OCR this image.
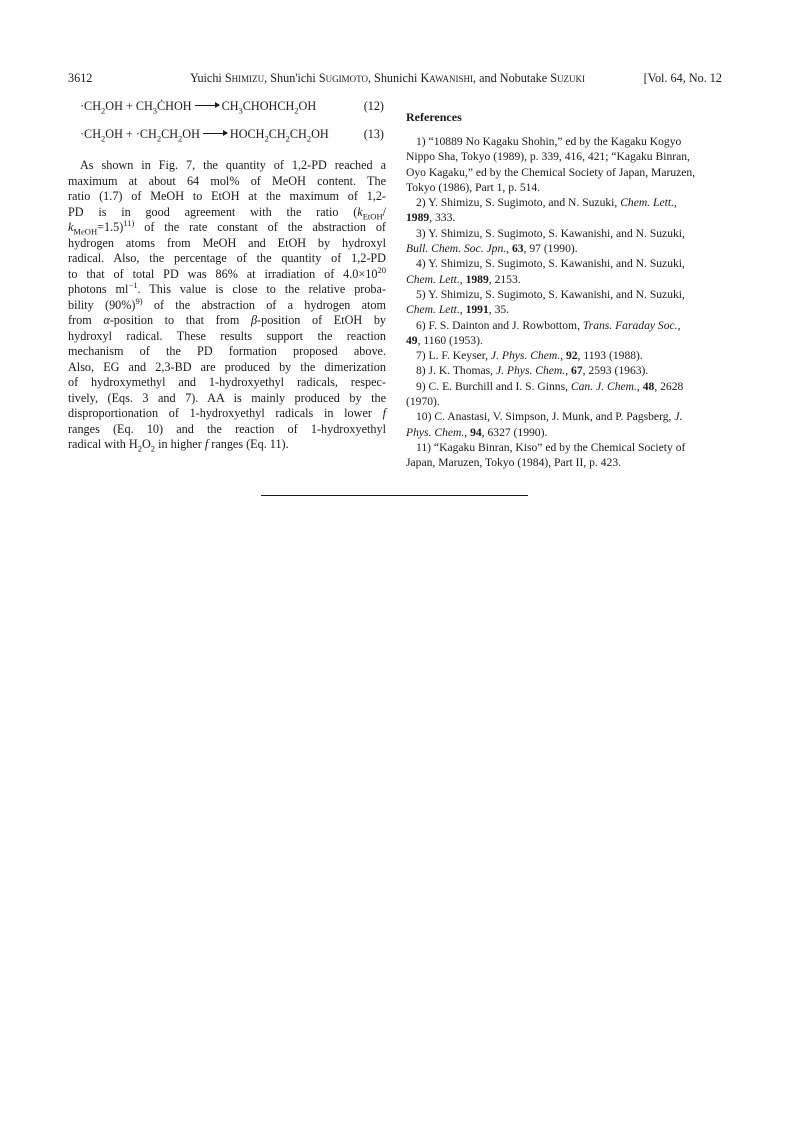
3612	Yuichi Shimizu, Shun'ichi Sugimoto, Shunichi Kawanishi, and Nobutake Suzuki	[Vol. 64, No. 12
$\cdot CH_2OH$ + $CH_3ĊHOH$ $CH_3CHOHCH_2OH$	(12)
$\cdot CH_2OH + \cdot CH_2CH_2OH$ $HOCH_2CH_2CH_2OH$	(13)
As shown in Fig. 7, the quantity of 1,2-PD reached a
maximum at about 64 mol% of MeOH content. The
ratio (1.7) of MeOH to EtOH at the maximum of 1,2-
PD is in good agreement with the ratio ($k_{EtOH}/$
$k_{MeOH}=1.5)^{11)}$ of the rate constant of the abstraction of
hydrogen atoms from MeOH and EtOH by hydroxyl
radical. Also, the percentage of the quantity of 1,2-PD
to that of total PD was 86% at irradiation of $4.0\times 10^{20}$
photons $ml^{-1}$. This value is close to the relative proba-
bility $(90\%)^{9)}$ of the abstraction of a hydrogen atom
from α-position to that from β-position of EtOH by
hydroxyl radical. These results support the reaction
mechanism of the PD formation proposed above.
Also, EG and 2,3-BD are produced by the dimerization
of hydroxymethyl and 1-hydroxyethyl radicals, respec-
tively, (Eqs. 3 and 7). AA is mainly produced by the
disproportionation of 1-hydroxyethyl radicals in lower f
ranges (Eq. 10) and the reaction of 1-hydroxyethyl
radical with $H_2O_2$ in higher f ranges (Eq. 11).
References
1) “10889 No Kagaku Shohin,” ed by the Kagaku Kogyo
Nippo Sha, Tokyo (1989), p. 339, 416, 421; “Kagaku Binran,
Oyo Kagaku,” ed by the Chemical Society of Japan, Maruzen,
Tokyo (1986), Part 1, p. 514.
2) Y. Shimizu, S. Sugimoto, and N. Suzuki, Chem. Lett.,
1989, 333.
3) Y. Shimizu, S. Sugimoto, S. Kawanishi, and N. Suzuki,
Bull. Chem. Soc. Jpn., 63, 97 (1990).
4) Y. Shimizu, S. Sugimoto, S. Kawanishi, and N. Suzuki,
Chem. Lett., 1989, 2153.
5) Y. Shimizu, S. Sugimoto, S. Kawanishi, and N. Suzuki,
Chem. Lett., 1991, 35.
6) F. S. Dainton and J. Rowbottom, Trans. Faraday Soc.,
49, 1160 (1953).
7) L. F. Keyser, J. Phys. Chem., 92, 1193 (1988).
8) J. K. Thomas, J. Phys. Chem., 67, 2593 (1963).
9) C. E. Burchill and I. S. Ginns, Can. J. Chem., 48, 2628
(1970).
10) C. Anastasi, V. Simpson, J. Munk, and P. Pagsberg, J.
Phys. Chem., 94, 6327 (1990).
11) “Kagaku Binran, Kiso” ed by the Chemical Society of
Japan, Maruzen, Tokyo (1984), Part II, p. 423.
